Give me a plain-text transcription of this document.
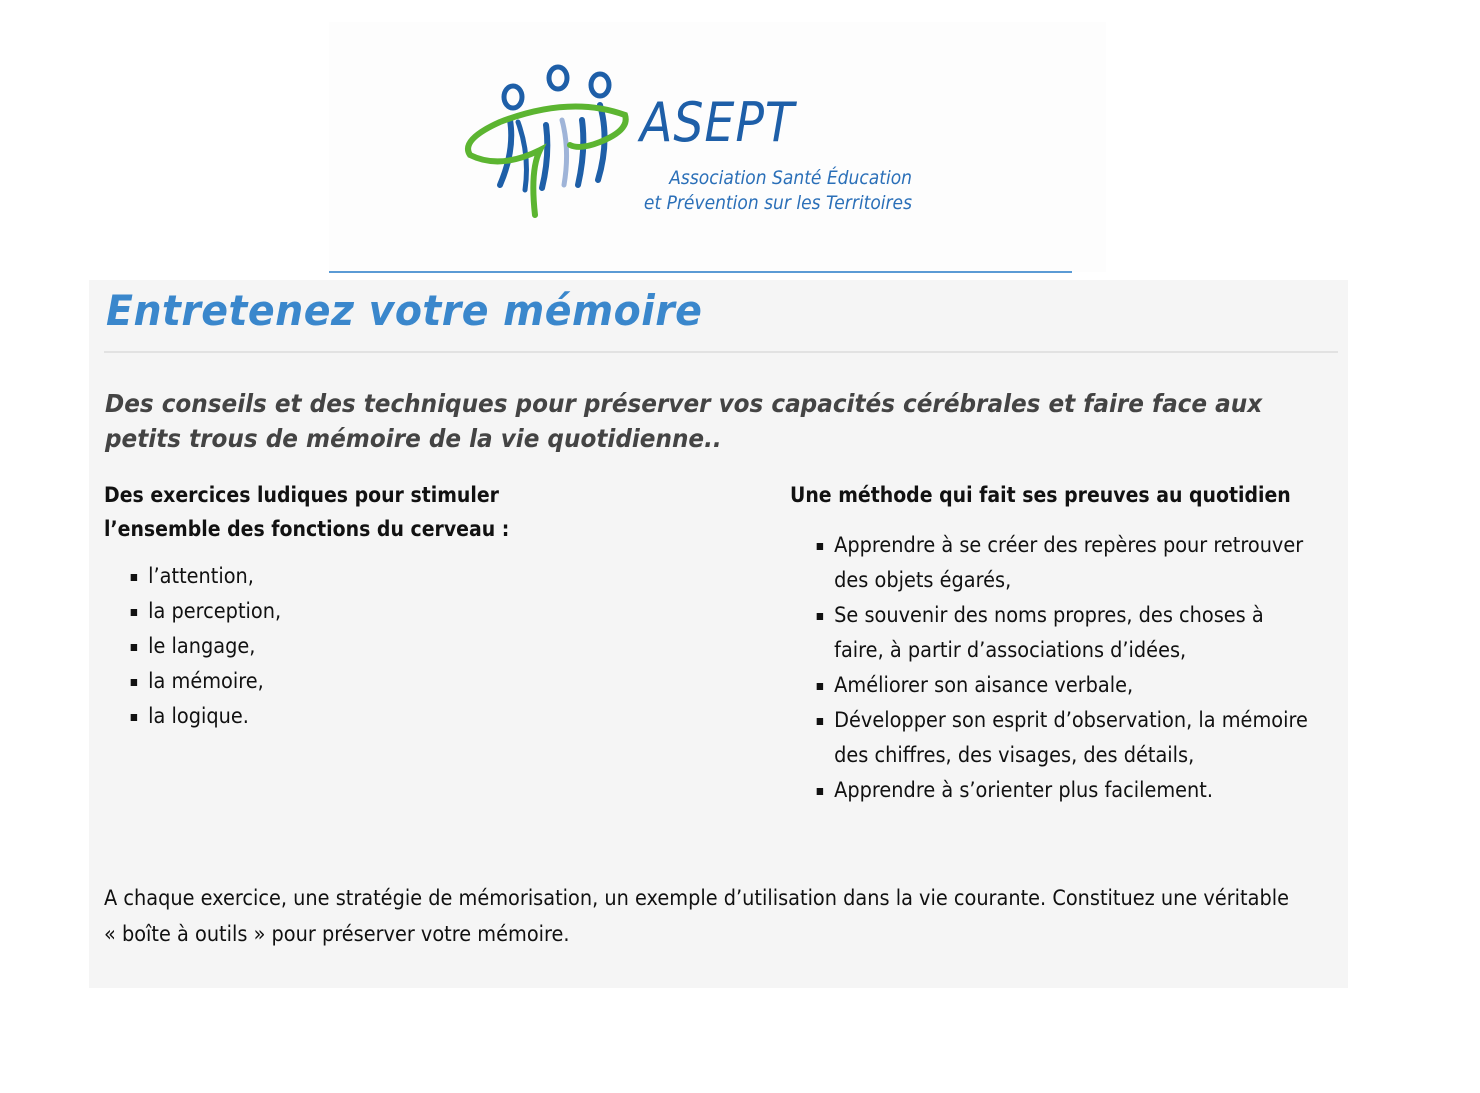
ASEPT
Association Santé Éducation
et Prévention sur les Territoires
Entretenez votre mémoire
Des conseils et des techniques pour préserver vos capacités cérébrales et faire face aux
petits trous de mémoire de la vie quotidienne..
Des exercices ludiques pour stimuler
l’ensemble des fonctions du cerveau :
l’attention,
la perception,
le langage,
la mémoire,
la logique.
Une méthode qui fait ses preuves au quotidien
Apprendre à se créer des repères pour retrouver des objets égarés,
Se souvenir des noms propres, des choses à faire, à partir d’associations d’idées,
Améliorer son aisance verbale,
Développer son esprit d’observation, la mémoire des chiffres, des visages, des détails,
Apprendre à s’orienter plus facilement.

A chaque exercice, une stratégie de mémorisation, un exemple d’utilisation dans la vie courante. Constituez une véritable « boîte à outils » pour préserver votre mémoire.
